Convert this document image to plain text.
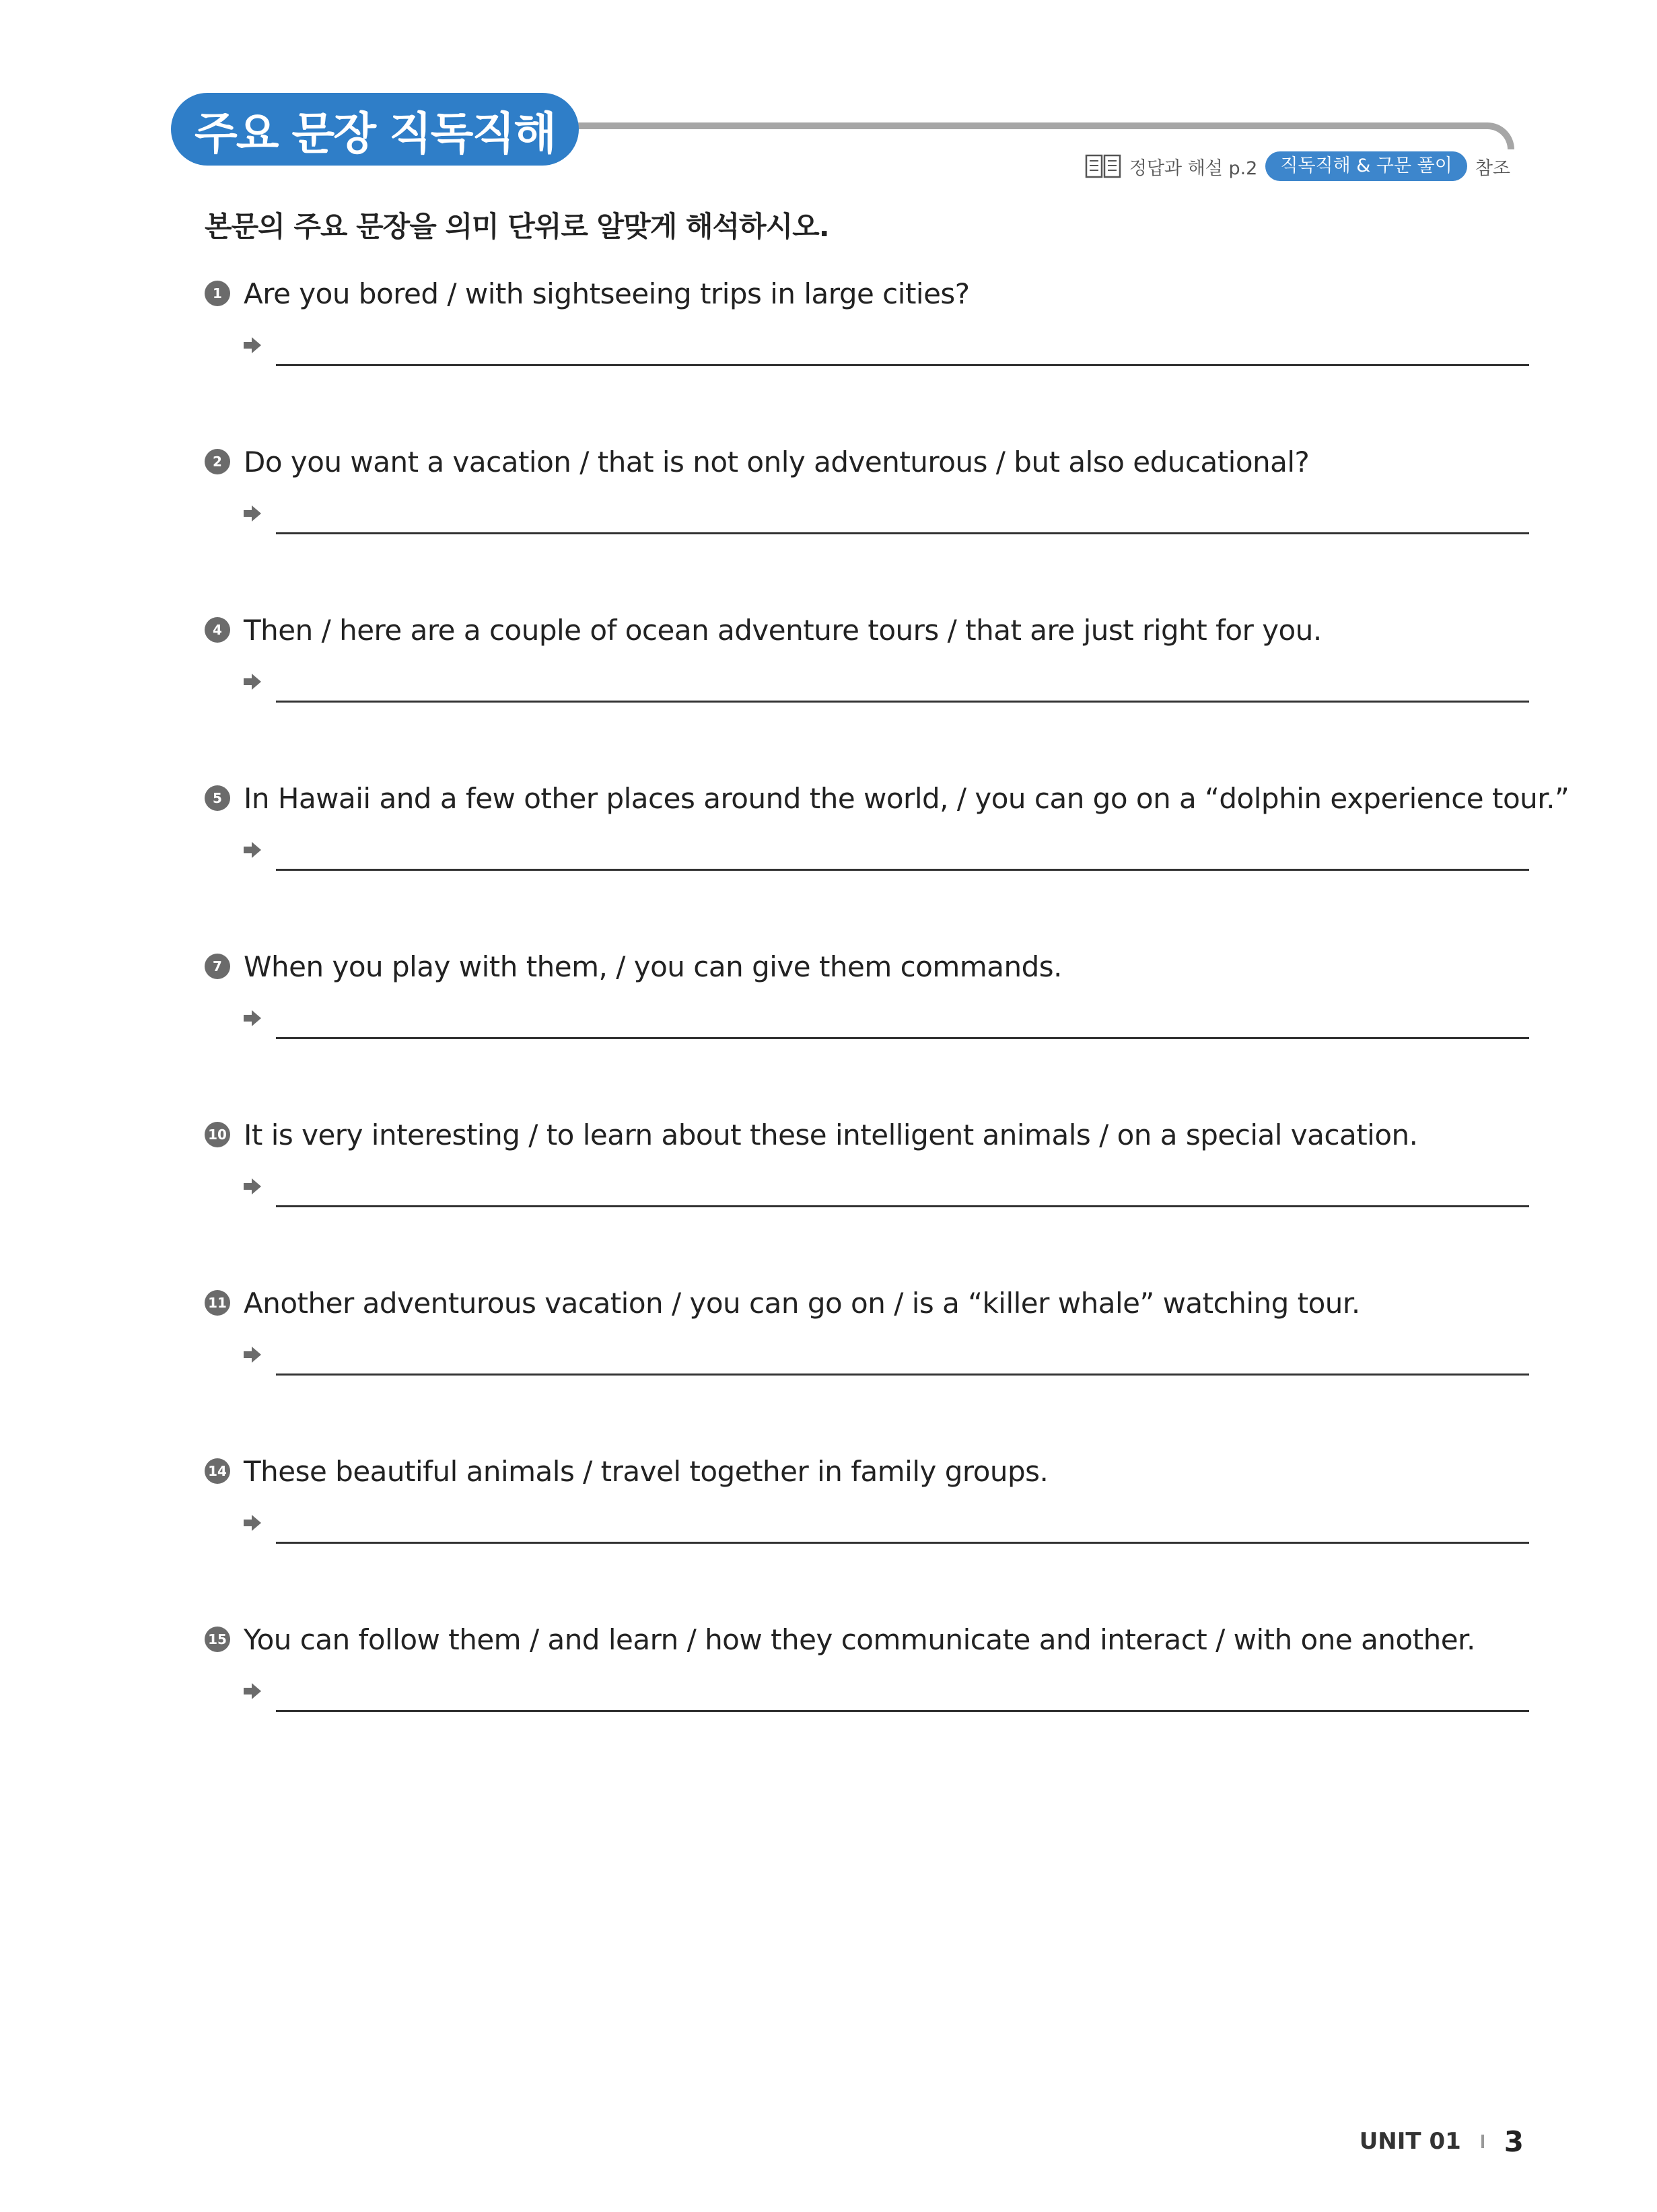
주요 문장 직독직해
정답과 해설 p.2	직독직해 & 구문 풀이	참조
본문의 주요 문장을 의미 단위로 알맞게 해석하시오.
1 Are you bored / with sightseeing trips in large cities?
2 Do you want a vacation / that is not only adventurous / but also educational?
4 Then / here are a couple of ocean adventure tours / that are just right for you.
5 In Hawaii and a few other places around the world, / you can go on a “dolphin experience tour.”
7 When you play with them, / you can give them commands.
10 It is very interesting / to learn about these intelligent animals / on a special vacation.
11 Another adventurous vacation / you can go on / is a “killer whale” watching tour.
14 These beautiful animals / travel together in family groups.
15 You can follow them / and learn / how they communicate and interact / with one another.
UNIT 01 3
